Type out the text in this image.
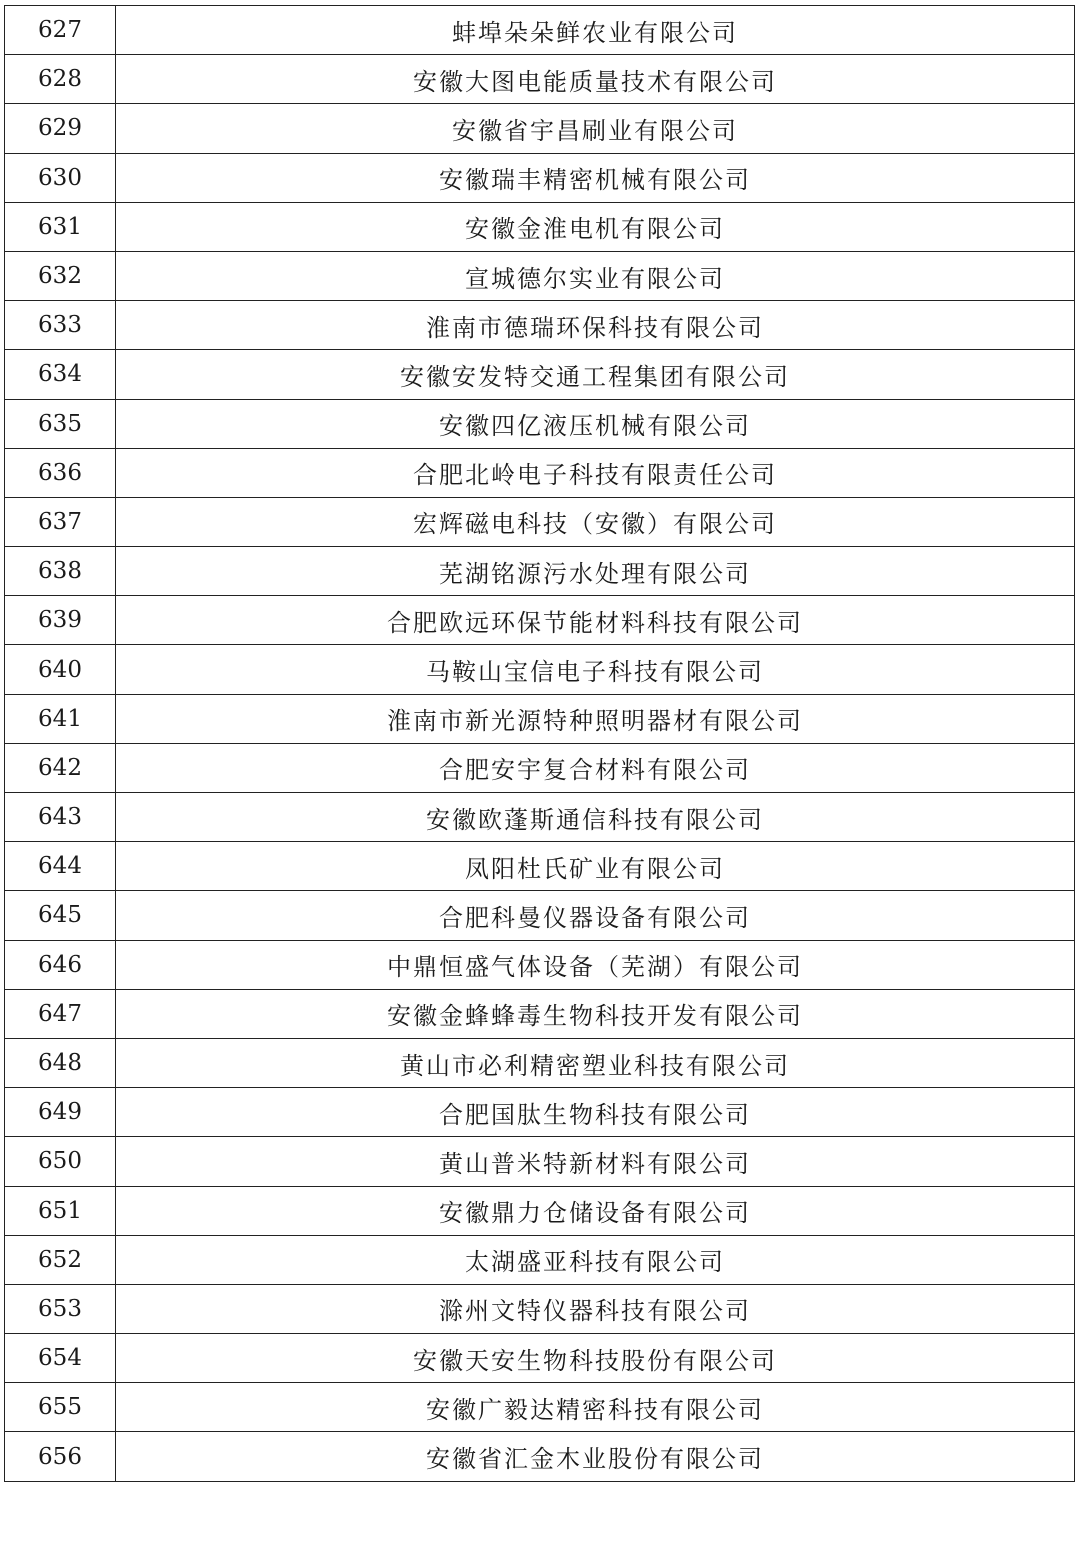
627	蚌埠朵朵鲜农业有限公司
628	安徽大图电能质量技术有限公司
629	安徽省宇昌刷业有限公司
630	安徽瑞丰精密机械有限公司
631	安徽金淮电机有限公司
632	宣城德尔实业有限公司
633	淮南市德瑞环保科技有限公司
634	安徽安发特交通工程集团有限公司
635	安徽四亿液压机械有限公司
636	合肥北岭电子科技有限责任公司
637	宏辉磁电科技（安徽）有限公司
638	芜湖铭源污水处理有限公司
639	合肥欧远环保节能材料科技有限公司
640	马鞍山宝信电子科技有限公司
641	淮南市新光源特种照明器材有限公司
642	合肥安宇复合材料有限公司
643	安徽欧蓬斯通信科技有限公司
644	凤阳杜氏矿业有限公司
645	合肥科曼仪器设备有限公司
646	中鼎恒盛气体设备（芜湖）有限公司
647	安徽金蜂蜂毒生物科技开发有限公司
648	黄山市必利精密塑业科技有限公司
649	合肥国肽生物科技有限公司
650	黄山普米特新材料有限公司
651	安徽鼎力仓储设备有限公司
652	太湖盛亚科技有限公司
653	滁州文特仪器科技有限公司
654	安徽天安生物科技股份有限公司
655	安徽广毅达精密科技有限公司
656	安徽省汇金木业股份有限公司
